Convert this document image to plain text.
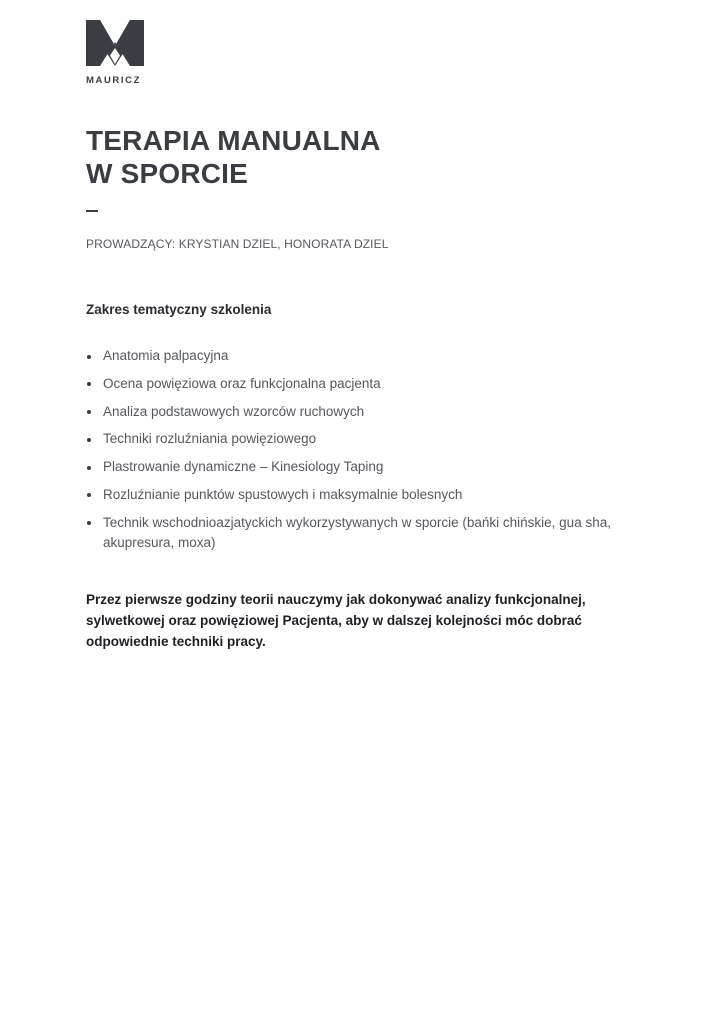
MAURICZ
TERAPIA MANUALNA
W SPORCIE
PROWADZĄCY: KRYSTIAN DZIEL, HONORATA DZIEL
Zakres tematyczny szkolenia
Anatomia palpacyjna
Ocena powięziowa oraz funkcjonalna pacjenta
Analiza podstawowych wzorców ruchowych
Techniki rozluźniania powięziowego
Plastrowanie dynamiczne – Kinesiology Taping
Rozluźnianie punktów spustowych i maksymalnie bolesnych
Technik wschodnioazjatyckich wykorzystywanych w sporcie (bańki chińskie, gua sha, akupresura, moxa)

Przez pierwsze godziny teorii nauczymy jak dokonywać analizy funkcjonalnej, sylwetkowej oraz powięziowej Pacjenta, aby w dalszej kolejności móc dobrać odpowiednie techniki pracy.
